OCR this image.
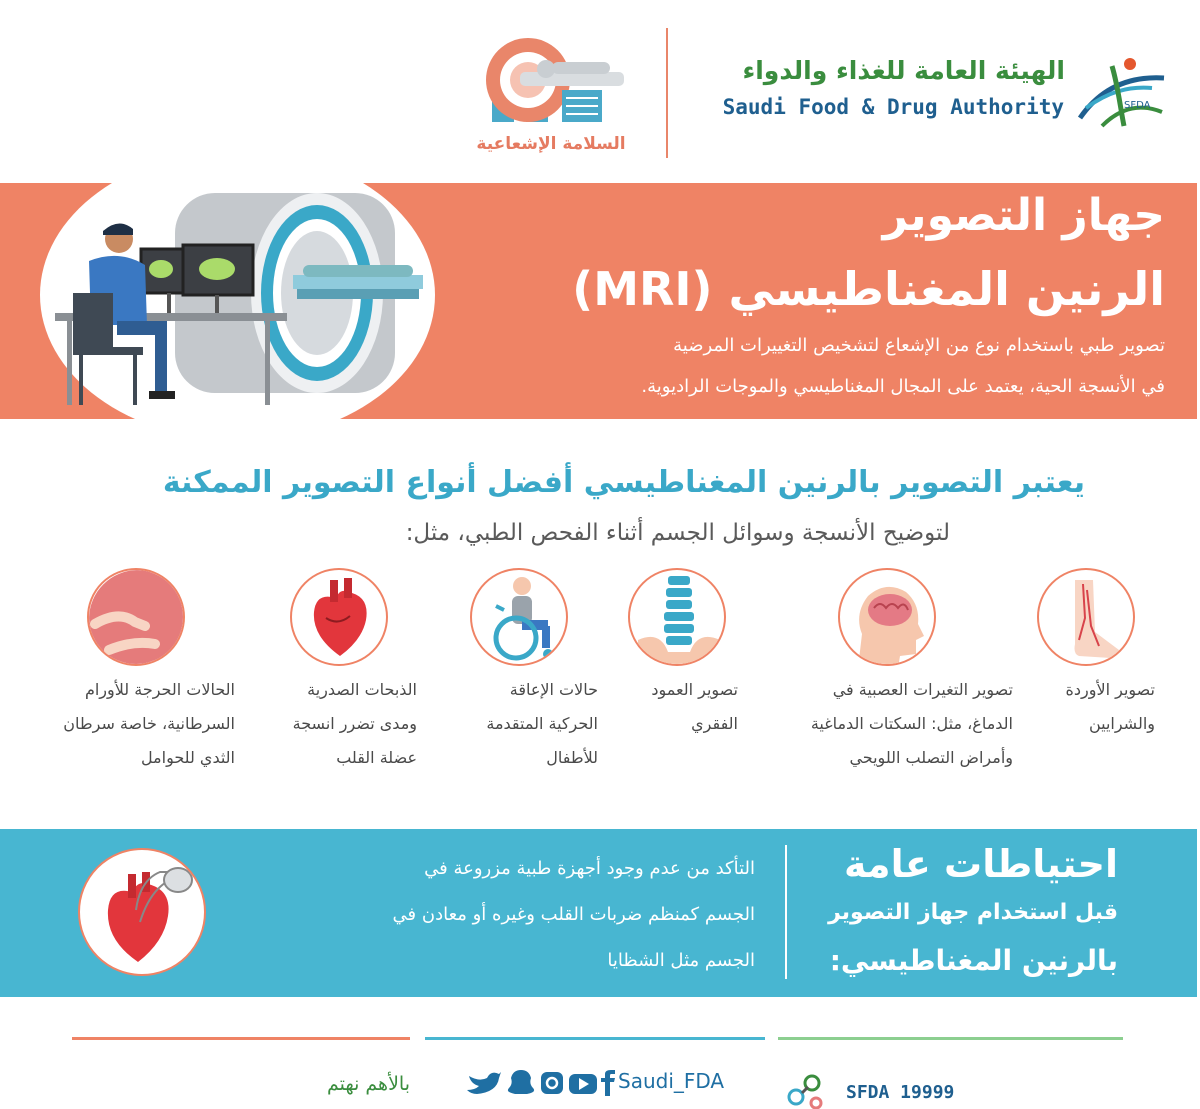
الهيئة العامة للغذاء والدواء
Saudi Food & Drug Authority	SFDA
السلامة الإشعاعية
جهاز التصوير
الرنين المغناطيسي (MRI)
تصوير طبي باستخدام نوع من الإشعاع لتشخيص التغييرات المرضية
في الأنسجة الحية، يعتمد على المجال المغناطيسي والموجات الراديوية.
يعتبر التصوير بالرنين المغناطيسي أفضل أنواع التصوير الممكنة
لتوضيح الأنسجة وسوائل الجسم أثناء الفحص الطبي، مثل:
تصوير الأوردة
والشرايين
تصوير التغيرات العصبية في
الدماغ، مثل: السكتات الدماغية
وأمراض التصلب اللويحي
تصوير العمود
الفقري
حالات الإعاقة
الحركية المتقدمة
للأطفال
الذبحات الصدرية
ومدى تضرر انسجة
عضلة القلب
الحالات الحرجة للأورام
السرطانية، خاصة سرطان
الثدي للحوامل
احتياطات عامة
قبل استخدام جهاز التصوير
بالرنين المغناطيسي:
التأكد من عدم وجود أجهزة طبية مزروعة في
الجسم كمنظم ضربات القلب وغيره أو معادن في
الجسم مثل الشظايا
بالأهم نهتم	Saudi_FDA	SFDA 19999
